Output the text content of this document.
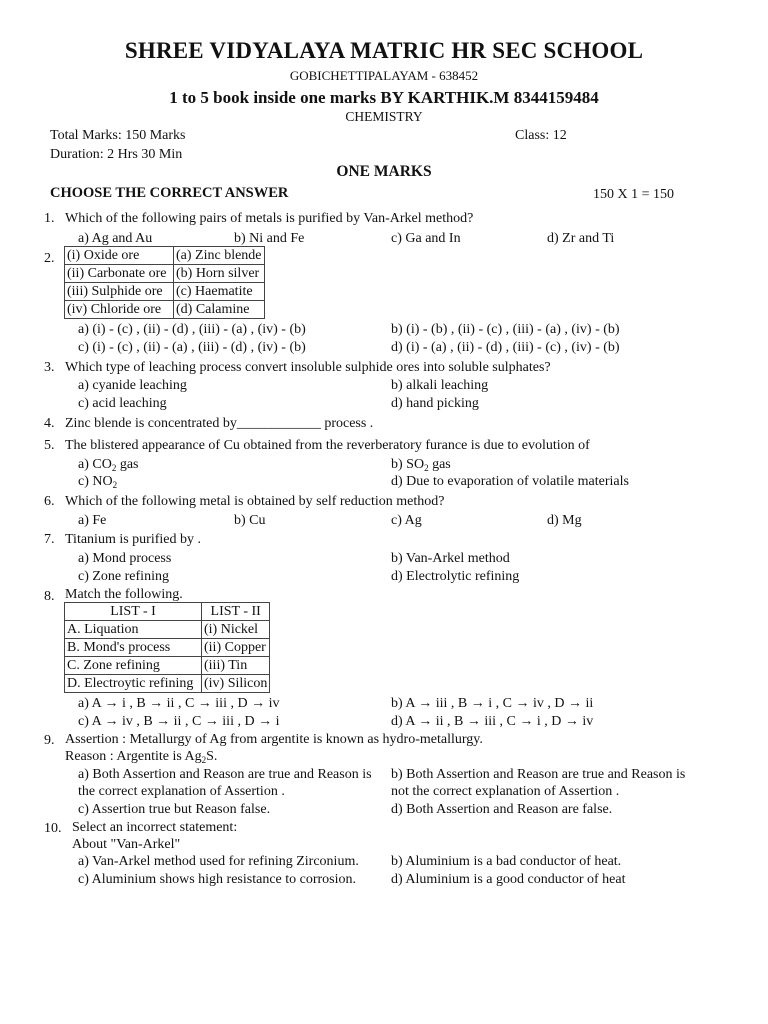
SHREE VIDYALAYA MATRIC HR SEC SCHOOL
GOBICHETTIPALAYAM - 638452
1 to 5 book inside one marks BY KARTHIK.M 8344159484
CHEMISTRY
Total Marks: 150 Marks	Class: 12
Duration: 2 Hrs 30 Min
ONE MARKS
CHOOSE THE CORRECT ANSWER	150 X 1 = 150
1. Which of the following pairs of metals is purified by Van-Arkel method?
a) Ag and Au	b) Ni and Fe	c) Ga and In	d) Zr and Ti
2. (i) Oxide ore	(a) Zinc blende
(ii) Carbonate ore	(b) Horn silver
(iii) Sulphide ore	(c) Haematite
(iv) Chloride ore	(d) Calamine
a) (i) - (c) , (ii) - (d) , (iii) - (a) , (iv) - (b)	b) (i) - (b) , (ii) - (c) , (iii) - (a) , (iv) - (b)
c) (i) - (c) , (ii) - (a) , (iii) - (d) , (iv) - (b)	d) (i) - (a) , (ii) - (d) , (iii) - (c) , (iv) - (b)
3. Which type of leaching process convert insoluble sulphide ores into soluble sulphates?
a) cyanide leaching	b) alkali leaching
c) acid leaching	d) hand picking
4. Zinc blende is concentrated by____________ process .
5. The blistered appearance of Cu obtained from the reverberatory furance is due to evolution of
a) $CO_2$ gas	b) $SO_2$ gas
c) $NO_2$	d) Due to evaporation of volatile materials
6. Which of the following metal is obtained by self reduction method?
a) Fe	b) Cu	c) Ag	d) Mg
7. Titanium is purified by .
a) Mond process	b) Van-Arkel method
c) Zone refining	d) Electrolytic refining
8. Match the following.
LIST - I	LIST - II
A. Liquation	(i) Nickel
B. Mond's process	(ii) Copper
C. Zone refining	(iii) Tin
D. Electroytic refining	(iv) Silicon
a) A → i , B → ii , C → iii , D → iv	b) A → iii , B → i , C → iv , D → ii
c) A → iv , B → ii , C → iii , D → i	d) A → ii , B → iii , C → i , D → iv
9. Assertion : Metallurgy of Ag from argentite is known as hydro-metallurgy.
Reason : Argentite is $Ag_2S$.
a) Both Assertion and Reason are true and Reason is
the correct explanation of Assertion .
b) Both Assertion and Reason are true and Reason is
not the correct explanation of Assertion .
c) Assertion true but Reason false.	d) Both Assertion and Reason are false.
10. Select an incorrect statement:
About "Van-Arkel"
a) Van-Arkel method used for refining Zirconium. b) Aluminium is a bad conductor of heat.
c) Aluminium shows high resistance to corrosion. d) Aluminium is a good conductor of heat
